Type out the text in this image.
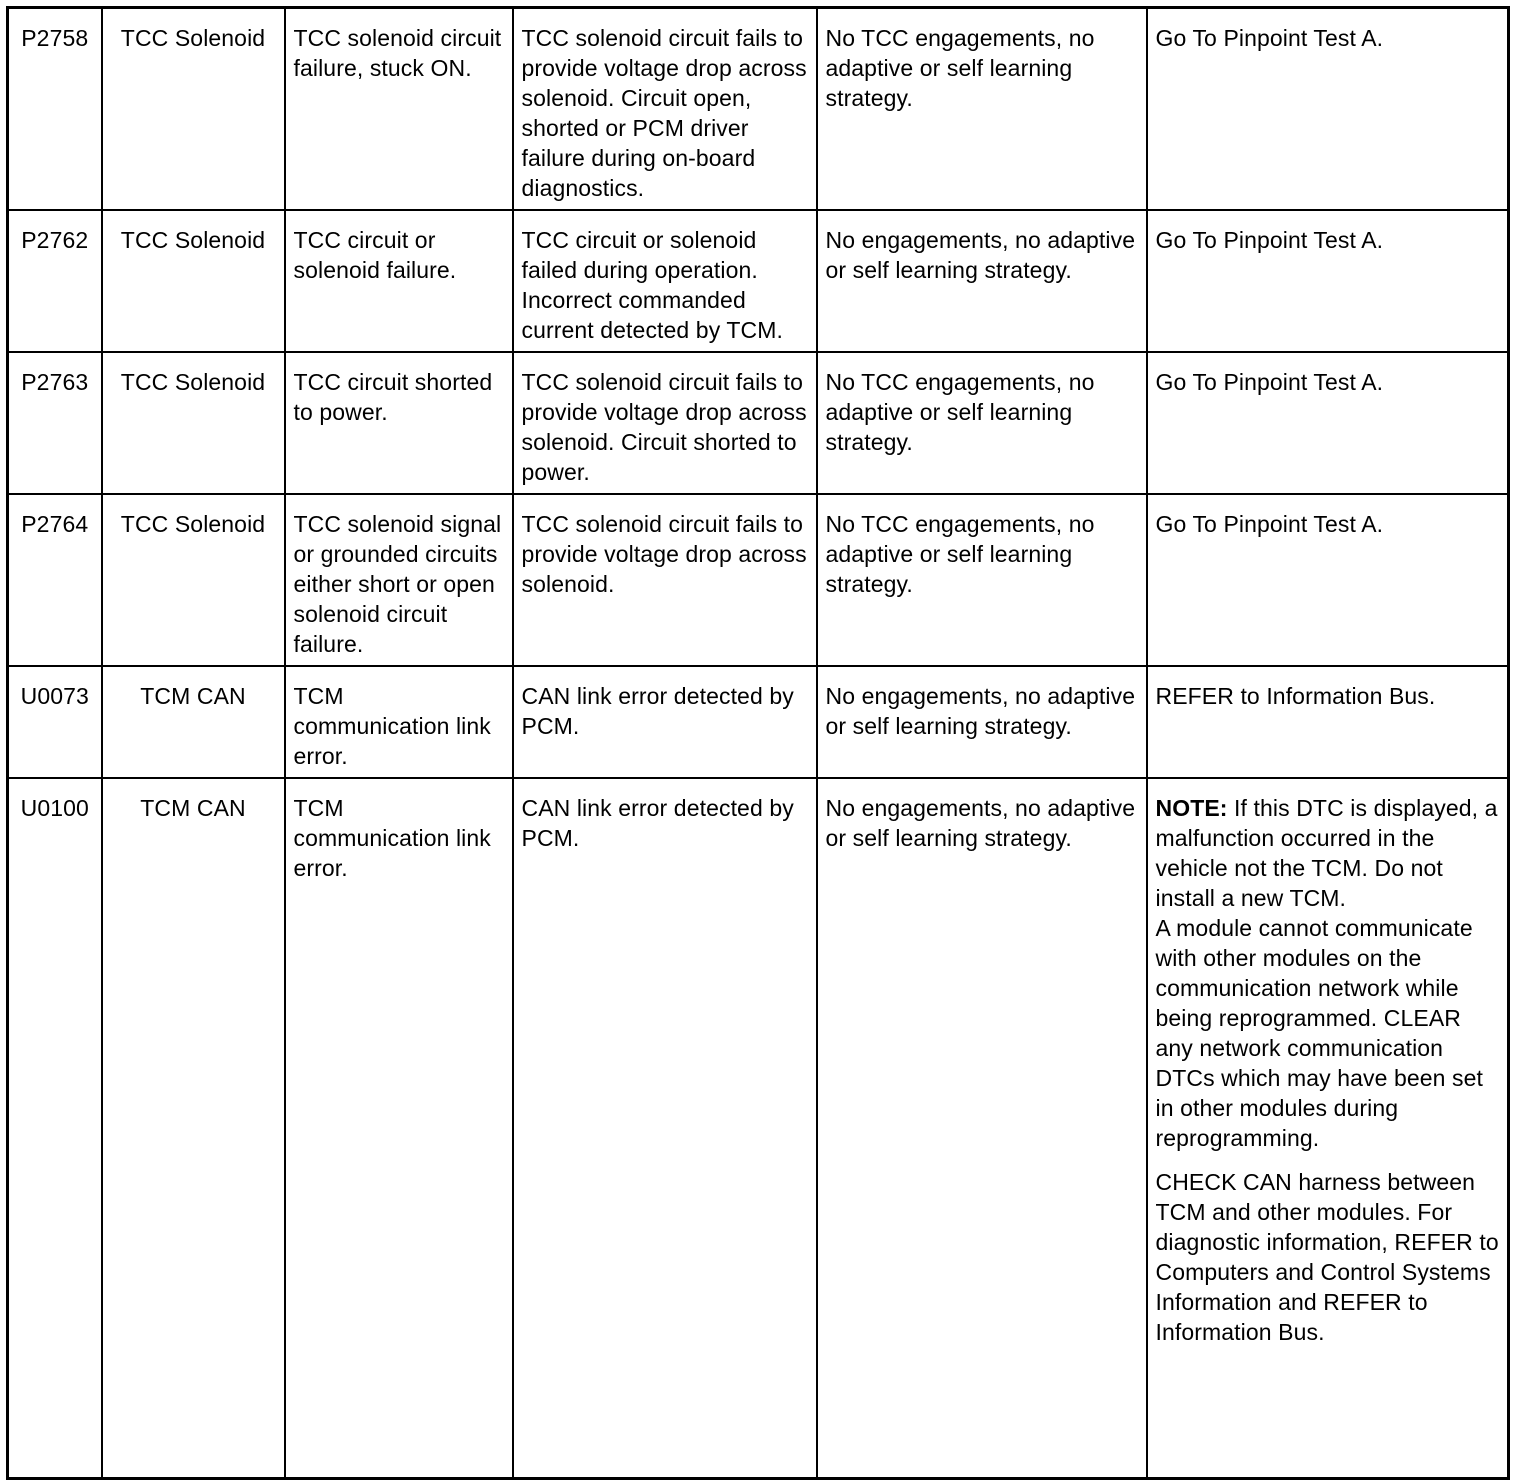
P2758	TCC Solenoid	TCC solenoid circuit failure, stuck ON.	TCC solenoid circuit fails to provide voltage drop across solenoid. Circuit open, shorted or PCM driver failure during on-board diagnostics.	No TCC engagements, no adaptive or self learning strategy.	Go To Pinpoint Test A.
P2762	TCC Solenoid	TCC circuit or solenoid failure.	TCC circuit or solenoid failed during operation. Incorrect commanded current detected by TCM.	No engagements, no adaptive or self learning strategy.	Go To Pinpoint Test A.
P2763	TCC Solenoid	TCC circuit shorted to power.	TCC solenoid circuit fails to provide voltage drop across solenoid. Circuit shorted to power.	No TCC engagements, no adaptive or self learning strategy.	Go To Pinpoint Test A.
P2764	TCC Solenoid	TCC solenoid signal or grounded circuits either short or open solenoid circuit failure.	TCC solenoid circuit fails to provide voltage drop across solenoid.	No TCC engagements, no adaptive or self learning strategy.	Go To Pinpoint Test A.
U0073	TCM CAN	TCM communication link error.	CAN link error detected by PCM.	No engagements, no adaptive or self learning strategy.	REFER to Information Bus.
U0100	TCM CAN	TCM communication link error.	CAN link error detected by PCM.	No engagements, no adaptive or self learning strategy.	NOTE: If this DTC is displayed, a malfunction occurred in the vehicle not the TCM. Do not install a new TCM.
A module cannot communicate with other modules on the communication network while being reprogrammed. CLEAR any network communication DTCs which may have been set in other modules during reprogramming.
CHECK CAN harness between TCM and other modules. For diagnostic information, REFER to Computers and Control Systems Information and REFER to Information Bus.
